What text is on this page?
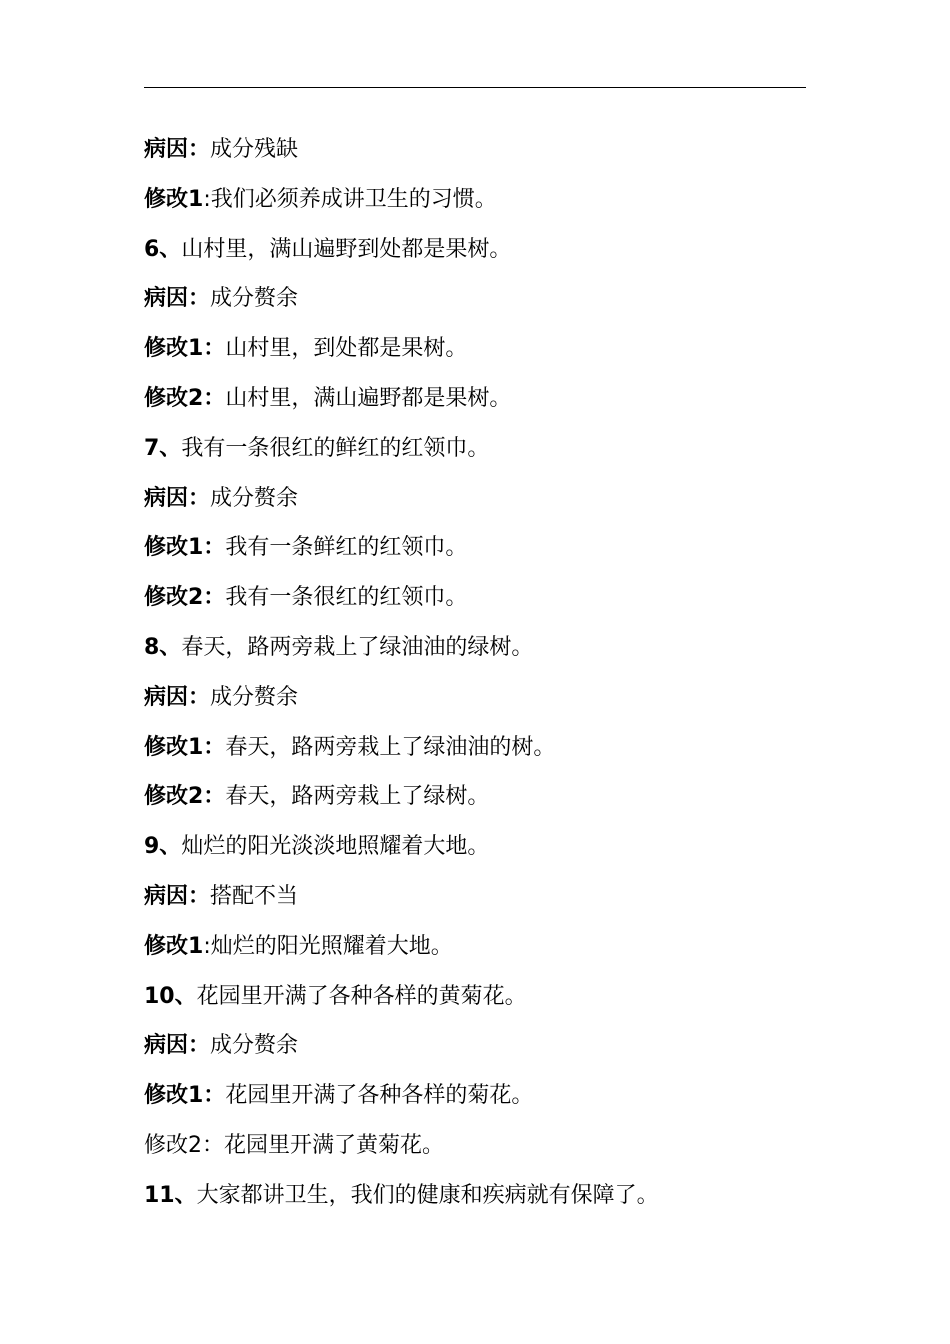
病因：成分残缺
修改1:我们必须养成讲卫生的习惯。
6、山村里，满山遍野到处都是果树。
病因：成分赘余
修改1：山村里，到处都是果树。
修改2：山村里，满山遍野都是果树。
7、我有一条很红的鲜红的红领巾。
病因：成分赘余
修改1：我有一条鲜红的红领巾。
修改2：我有一条很红的红领巾。
8、春天，路两旁栽上了绿油油的绿树。
病因：成分赘余
修改1：春天，路两旁栽上了绿油油的树。
修改2：春天，路两旁栽上了绿树。
9、灿烂的阳光淡淡地照耀着大地。
病因：搭配不当
修改1:灿烂的阳光照耀着大地。
10、花园里开满了各种各样的黄菊花。
病因：成分赘余
修改1：花园里开满了各种各样的菊花。
修改2：花园里开满了黄菊花。
11、大家都讲卫生，我们的健康和疾病就有保障了。
